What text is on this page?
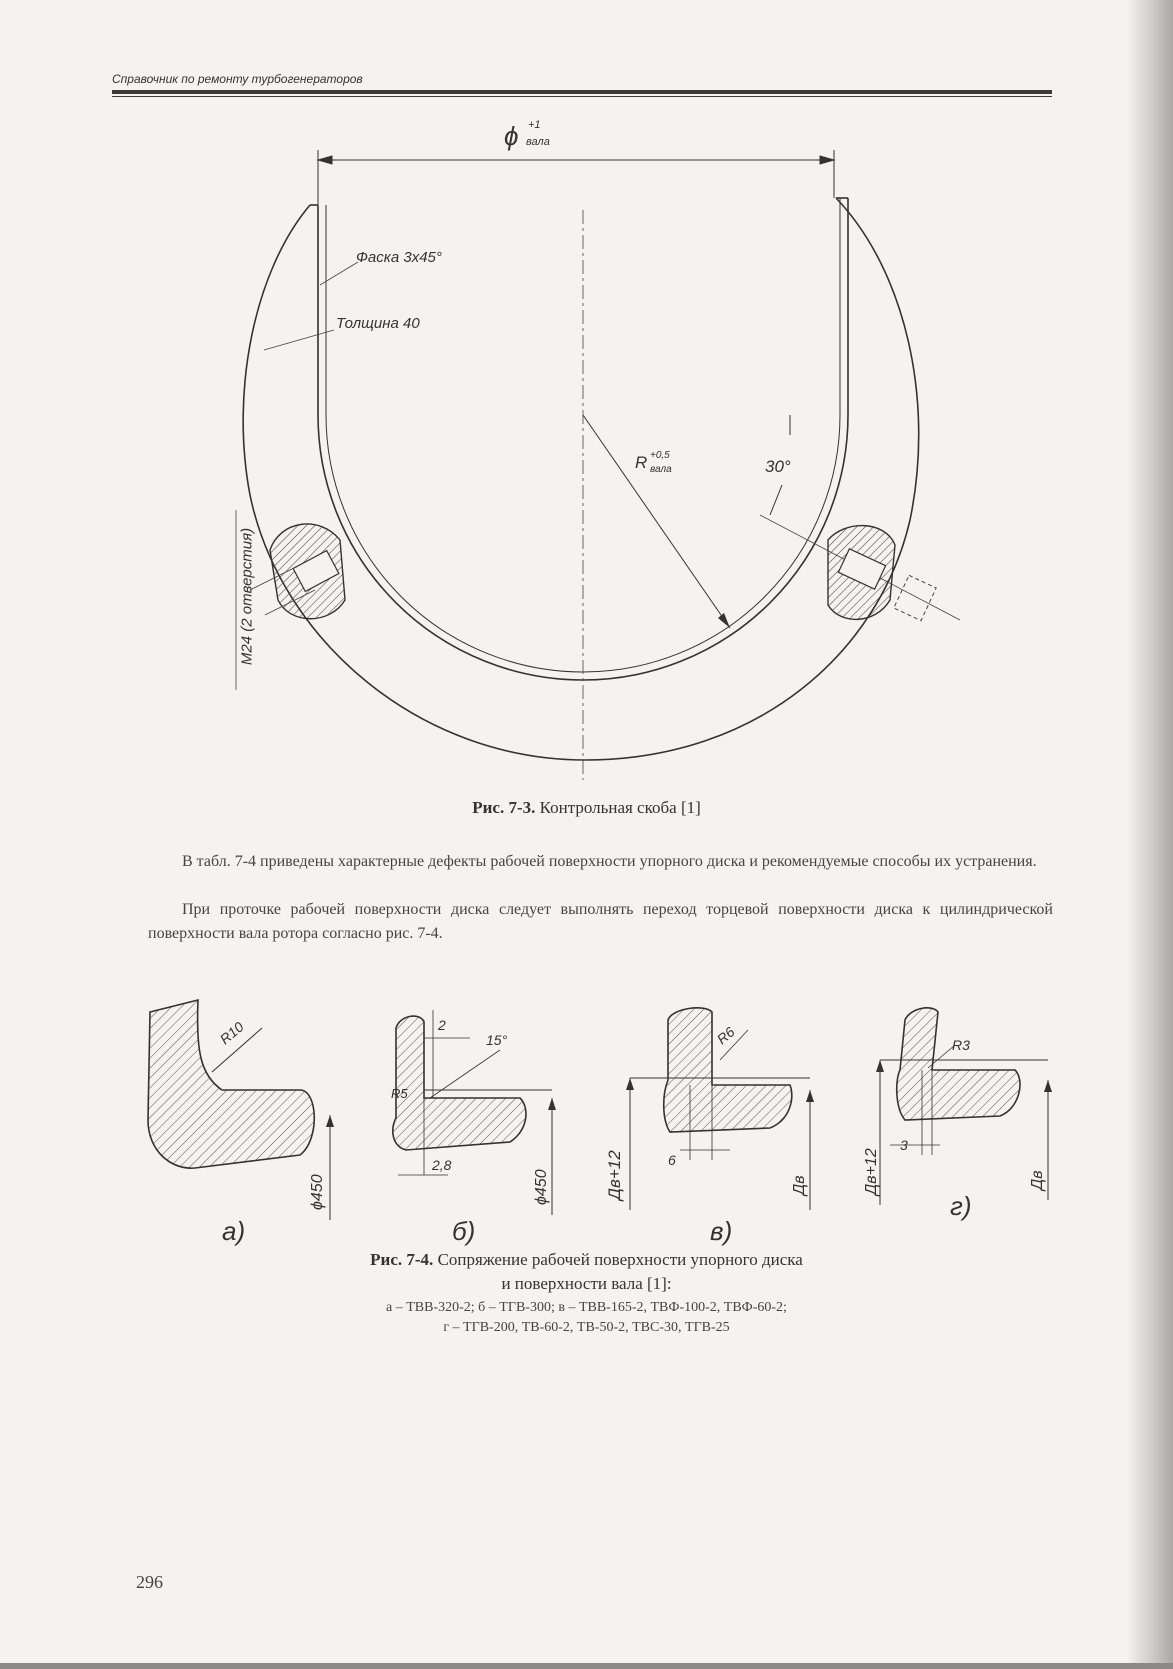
Справочник по ремонту турбогенераторов
ϕ +1
вала
Фаска 3x45°
Толщина 40
R +0,5
вала	30°
М24 (2 отверстия)
Рис. 7-3. Контрольная скоба [1]
В табл. 7-4 приведены характерные дефекты рабочей поверхности упорного диска и рекомендуемые способы их устранения.
При проточке рабочей поверхности диска следует выполнять переход торцевой поверхности диска к цилиндрической поверхности вала ротора согласно рис. 7-4.
R10
ϕ450
а)
2
15°
R5
2,8
ϕ450
б)
R6
Дв+12	6
Дв
в)
R3
Дв+12
3
Дв
г)
Рис. 7-4. Сопряжение рабочей поверхности упорного диска
и поверхности вала [1]:
а – ТВВ-320-2; б – ТГВ-300; в – ТВВ-165-2, ТВФ-100-2, ТВФ-60-2;
г – ТГВ-200, ТВ-60-2, ТВ-50-2, ТВС-30, ТГВ-25
296
